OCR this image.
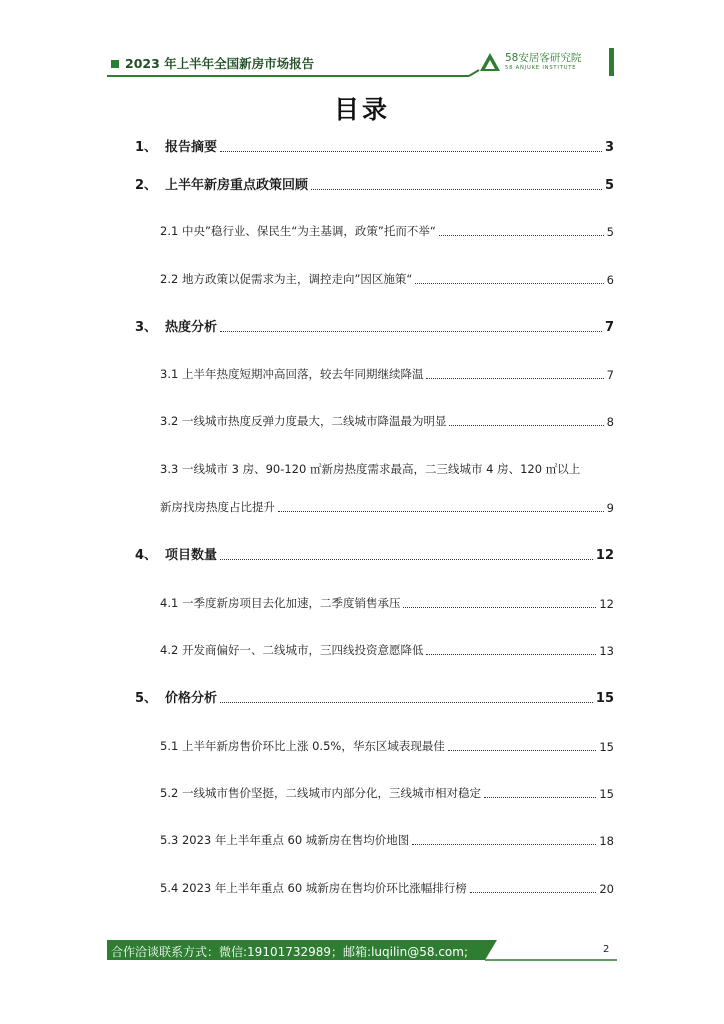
2023 年上半年全国新房市场报告	58安居客研究院
58 ANJUKE INSTITUTE
目录
1、 报告摘要	3
2、 上半年新房重点政策回顾	5
2.1 中央”稳行业、保民生“为主基调，政策”托而不举“	5
2.2 地方政策以促需求为主，调控走向”因区施策“	6
3、 热度分析	7
3.1 上半年热度短期冲高回落，较去年同期继续降温	7
3.2 一线城市热度反弹力度最大，二线城市降温最为明显	8
3.3 一线城市 3 房、90-120 ㎡新房热度需求最高，二三线城市 4 房、120 ㎡以上
新房找房热度占比提升	9
4、 项目数量	12
4.1 一季度新房项目去化加速，二季度销售承压	12
4.2 开发商偏好一、二线城市，三四线投资意愿降低	13
5、 价格分析	15
5.1 上半年新房售价环比上涨 0.5%，华东区域表现最佳	15
5.2 一线城市售价坚挺，二线城市内部分化，三线城市相对稳定	15
5.3 2023 年上半年重点 60 城新房在售均价地图	18
5.4 2023 年上半年重点 60 城新房在售均价环比涨幅排行榜	20
合作洽谈联系方式：微信:19101732989；邮箱:luqilin@58.com;	2
